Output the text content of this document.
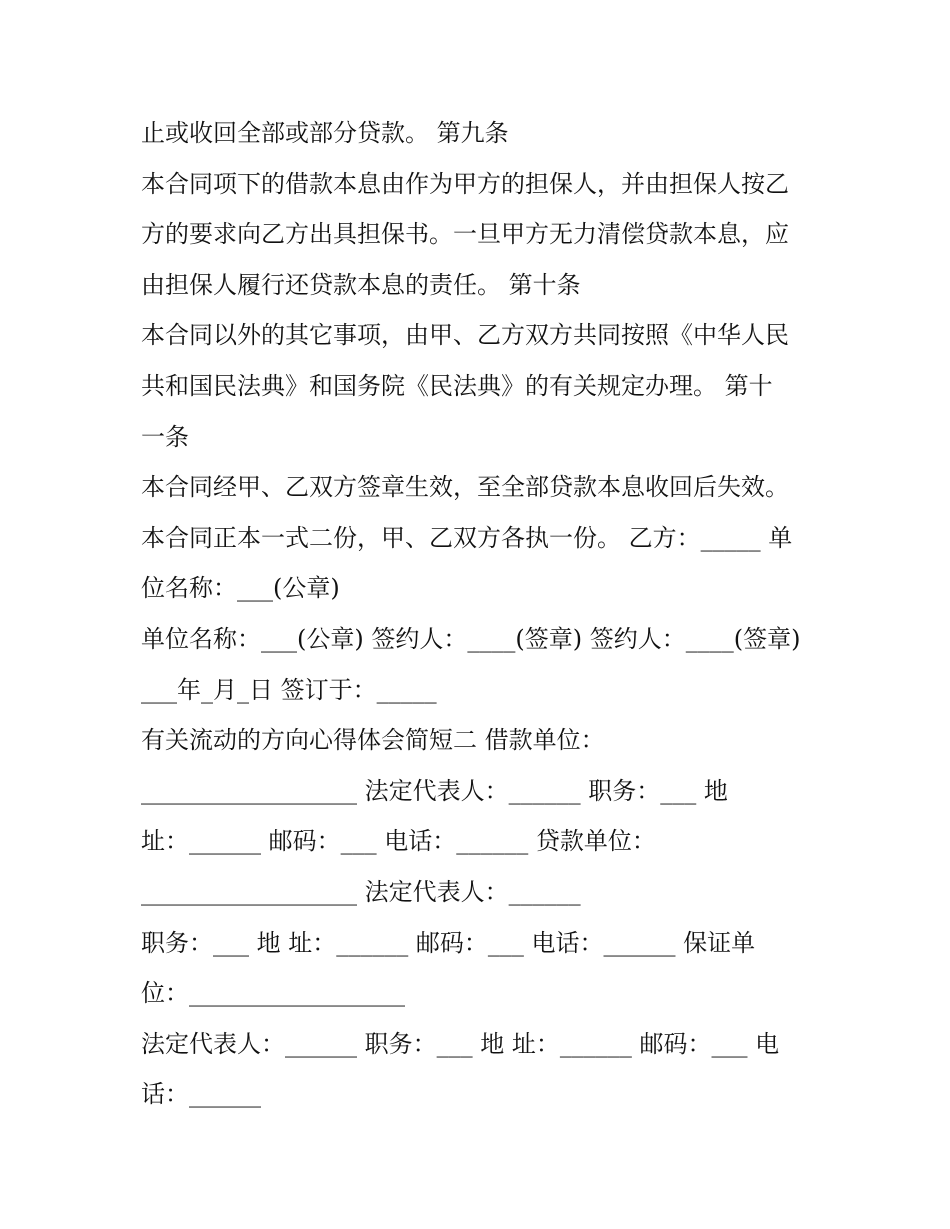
止或收回全部或部分贷款。 第九条
本合同项下的借款本息由作为甲方的担保人，并由担保人按乙
方的要求向乙方出具担保书。一旦甲方无力清偿贷款本息，应
由担保人履行还贷款本息的责任。 第十条
本合同以外的其它事项，由甲、乙方双方共同按照《中华人民
共和国民法典》和国务院《民法典》的有关规定办理。 第十
一条
本合同经甲、乙双方签章生效，至全部贷款本息收回后失效。
本合同正本一式二份，甲、乙双方各执一份。 乙方：_____ 单
位名称：___(公章)
单位名称：___(公章) 签约人：____(签章) 签约人：____(签章)
___年_月_日 签订于：_____
有关流动的方向心得体会简短二 借款单位：
__________________ 法定代表人：______ 职务：___ 地
址：______ 邮码：___ 电话：______ 贷款单位：
__________________ 法定代表人：______
职务：___ 地 址：______ 邮码：___ 电话：______ 保证单
位：__________________
法定代表人：______ 职务：___ 地 址：______ 邮码：___ 电
话：______
